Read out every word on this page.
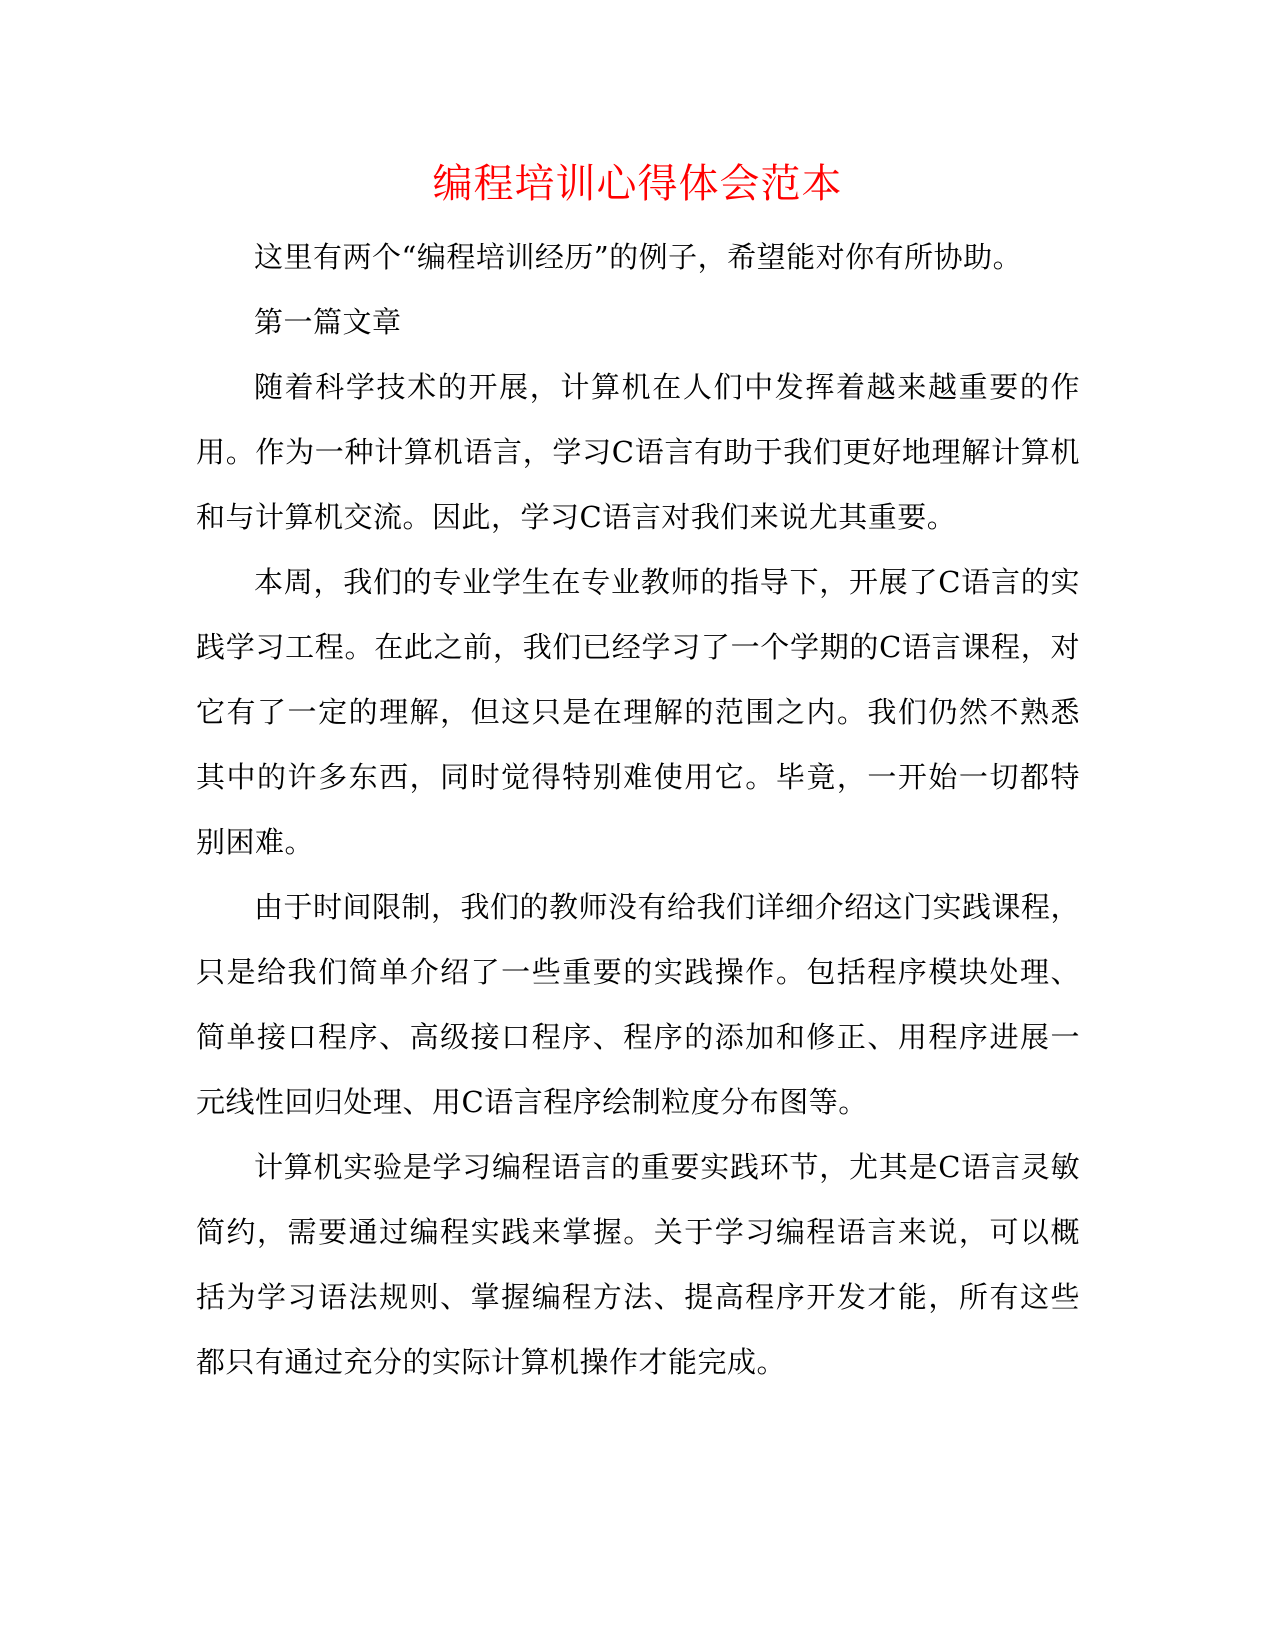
编程培训心得体会范本

这里有两个“编程培训经历”的例子，希望能对你有所协助。

第一篇文章

随着科学技术的开展，计算机在人们中发挥着越来越重要的作用。作为一种计算机语言，学习C语言有助于我们更好地理解计算机和与计算机交流。因此，学习C语言对我们来说尤其重要。

本周，我们的专业学生在专业教师的指导下，开展了C语言的实践学习工程。在此之前，我们已经学习了一个学期的C语言课程，对它有了一定的理解，但这只是在理解的范围之内。我们仍然不熟悉其中的许多东西，同时觉得特别难使用它。毕竟，一开始一切都特别困难。

由于时间限制，我们的教师没有给我们详细介绍这门实践课程，只是给我们简单介绍了一些重要的实践操作。包括程序模块处理、简单接口程序、高级接口程序、程序的添加和修正、用程序进展一元线性回归处理、用C语言程序绘制粒度分布图等。

计算机实验是学习编程语言的重要实践环节，尤其是C语言灵敏简约，需要通过编程实践来掌握。关于学习编程语言来说，可以概括为学习语法规则、掌握编程方法、提高程序开发才能，所有这些都只有通过充分的实际计算机操作才能完成。
